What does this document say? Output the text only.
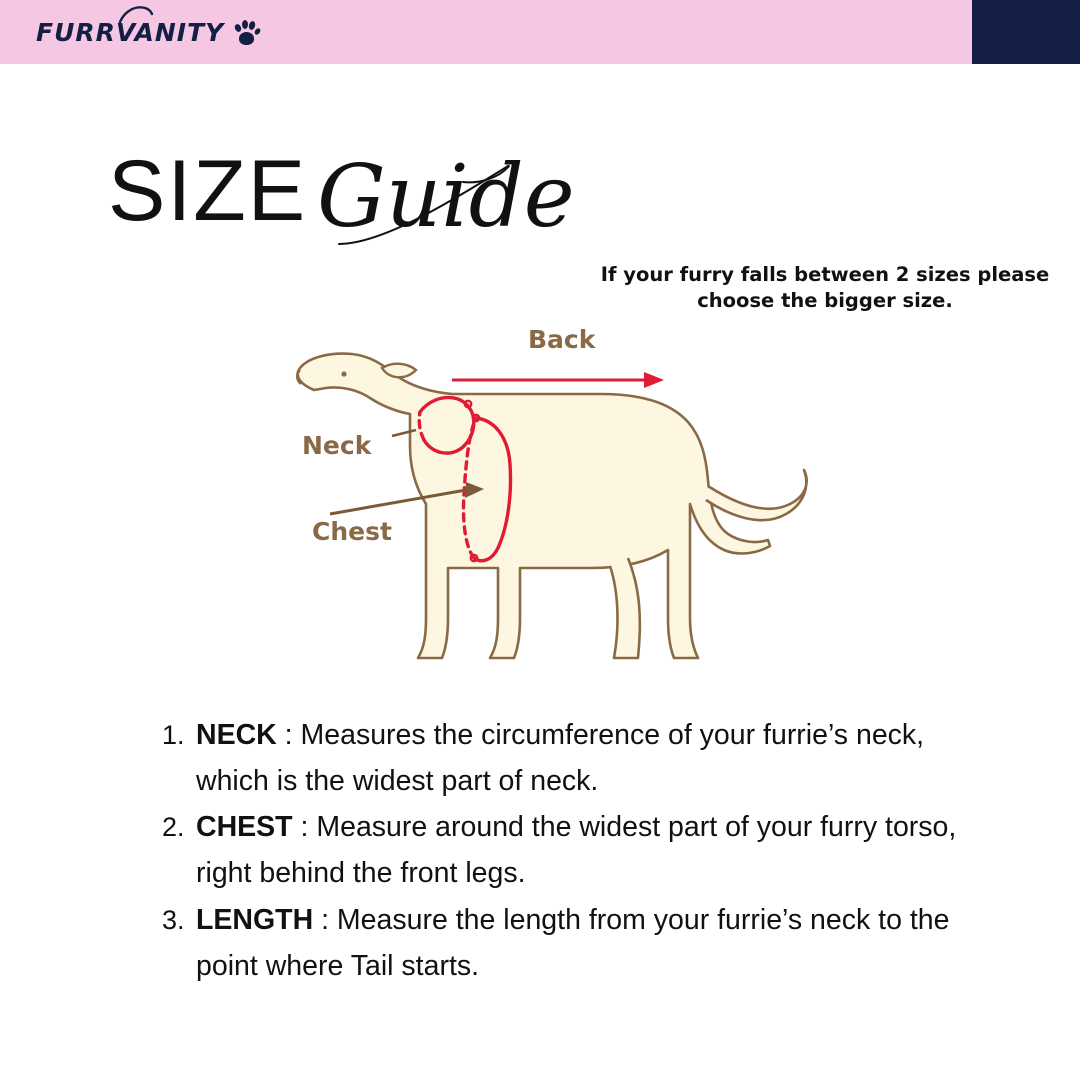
FURRVANITY
SIZE Guide
If your furry falls between 2 sizes please choose the bigger size.
Back
Neck
Chest
1. NECK : Measures the circumference of your furrie’s neck, which is the widest part of neck.
2. CHEST : Measure around the widest part of your furry torso, right behind the front legs.
3. LENGTH : Measure the length from your furrie’s neck to the point where Tail starts.
